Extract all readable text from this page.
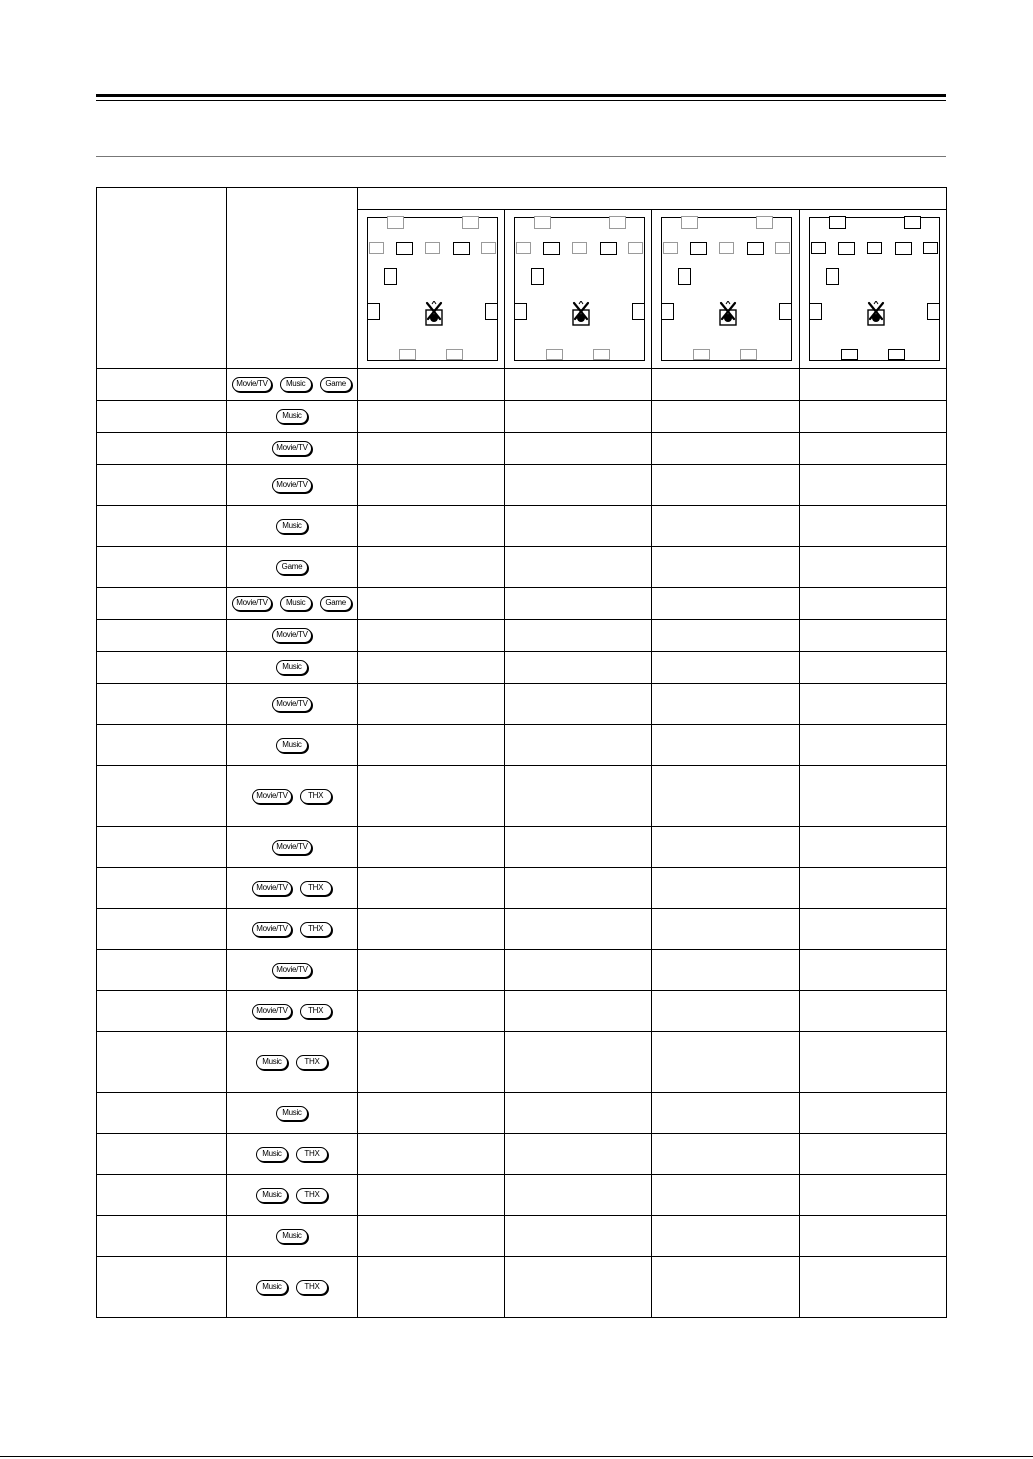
	Movie/TV Music Game				
	Music				
	Movie/TV				
	Movie/TV				
	Music				
	Game				
	Movie/TV Music Game				
	Movie/TV				
	Music				
	Movie/TV				
	Music				
	Movie/TV THX				
	Movie/TV				
	Movie/TV THX				
	Movie/TV THX				
	Movie/TV				
	Movie/TV THX				
	Music THX				
	Music				
	Music THX				
	Music THX				
	Music				
	Music THX				
